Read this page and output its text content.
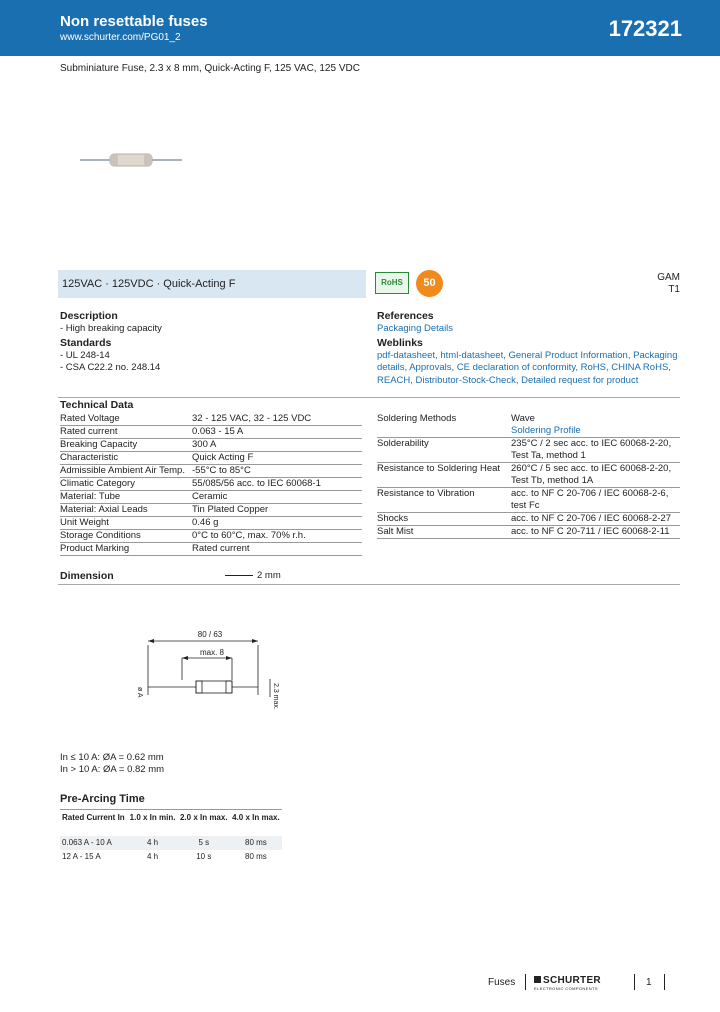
Non resettable fuses
www.schurter.com/PG01_2	172321
Subminiature Fuse, 2.3 x 8 mm, Quick-Acting F, 125 VAC, 125 VDC
125VAC · 125VDC · Quick-Acting F	RoHS	50	GAM
T1
Description
- High breaking capacity
Standards
- UL 248-14
- CSA C22.2 no. 248.14
References
Packaging Details
Weblinks
pdf-datasheet, html-datasheet, General Product Information, Packaging details, Approvals, CE declaration of conformity, RoHS, CHINA RoHS, REACH, Distributor-Stock-Check, Detailed request for product
Technical Data
Rated Voltage	32 - 125 VAC, 32 - 125 VDC
Rated current	0.063 - 15 A
Breaking Capacity	300 A
Characteristic	Quick Acting F
Admissible Ambient Air Temp.	-55°C to 85°C
Climatic Category	55/085/56 acc. to IEC 60068-1
Material: Tube	Ceramic
Material: Axial Leads	Tin Plated Copper
Unit Weight	0.46 g
Storage Conditions	0°C to 60°C, max. 70% r.h.
Product Marking	Rated current
Soldering Methods	Wave
Soldering Profile

Solderability	235°C / 2 sec acc. to IEC 60068-2-20, Test Ta, method 1

Resistance to Soldering Heat	260°C / 5 sec acc. to IEC 60068-2-20, Test Tb, method 1A

Resistance to Vibration	acc. to NF C 20-706 / IEC 60068-2-6, test Fc

Shocks	acc. to NF C 20-706 / IEC 60068-2-27

Salt Mist	acc. to NF C 20-711 / IEC 60068-2-11
Dimension	2 mm
80 / 63
max. 8
ø A	2.3 max.
In ≤ 10 A: ØA = 0.62 mm
In > 10 A: ØA = 0.82 mm
Pre-Arcing Time
Rated Current In	1.0 x In min.	2.0 x In max.	4.0 x In max.

0.063 A - 10 A	4 h	5 s	80 ms
12 A - 15 A	4 h	10 s	80 ms
Fuses	SCHURTER
ELECTRONIC COMPONENTS
1
